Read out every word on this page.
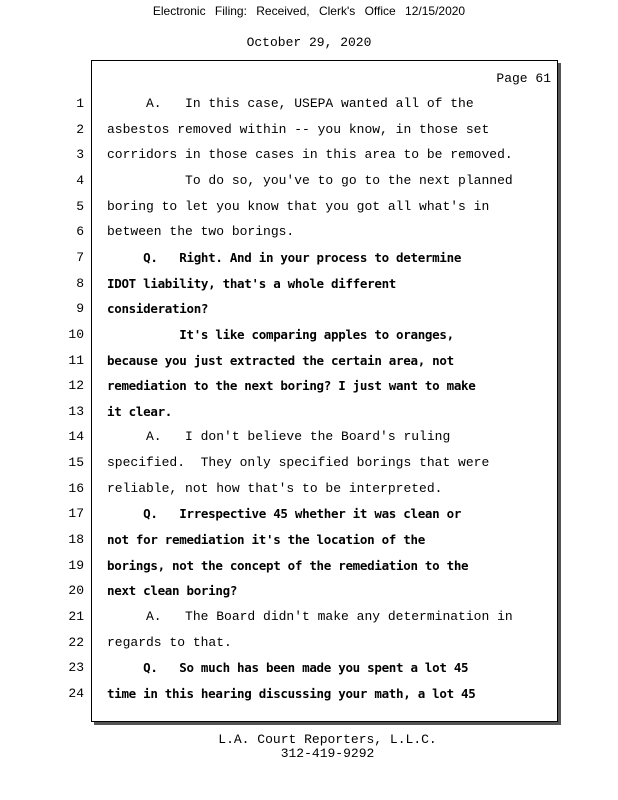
Electronic Filing: Received, Clerk's Office 12/15/2020
October 29, 2020
Page 61
1 A.   In this case, USEPA wanted all of the
2 asbestos removed within -- you know, in those set
3 corridors in those cases in this area to be removed.
4 To do so, you've to go to the next planned
5 boring to let you know that you got all what's in
6 between the two borings.
7 Q.   Right. And in your process to determine
8 IDOT liability, that's a whole different
9 consideration?
10 It's like comparing apples to oranges,
11 because you just extracted the certain area, not
12 remediation to the next boring? I just want to make
13 it clear.
14 A.   I don't believe the Board's ruling
15 specified.  They only specified borings that were
16 reliable, not how that's to be interpreted.
17 Q.   Irrespective 45 whether it was clean or
18 not for remediation it's the location of the
19 borings, not the concept of the remediation to the
20 next clean boring?
21 A.   The Board didn't make any determination in
22 regards to that.
23 Q.   So much has been made you spent a lot 45
24 time in this hearing discussing your math, a lot 45
L.A. Court Reporters, L.L.C.
312-419-9292
